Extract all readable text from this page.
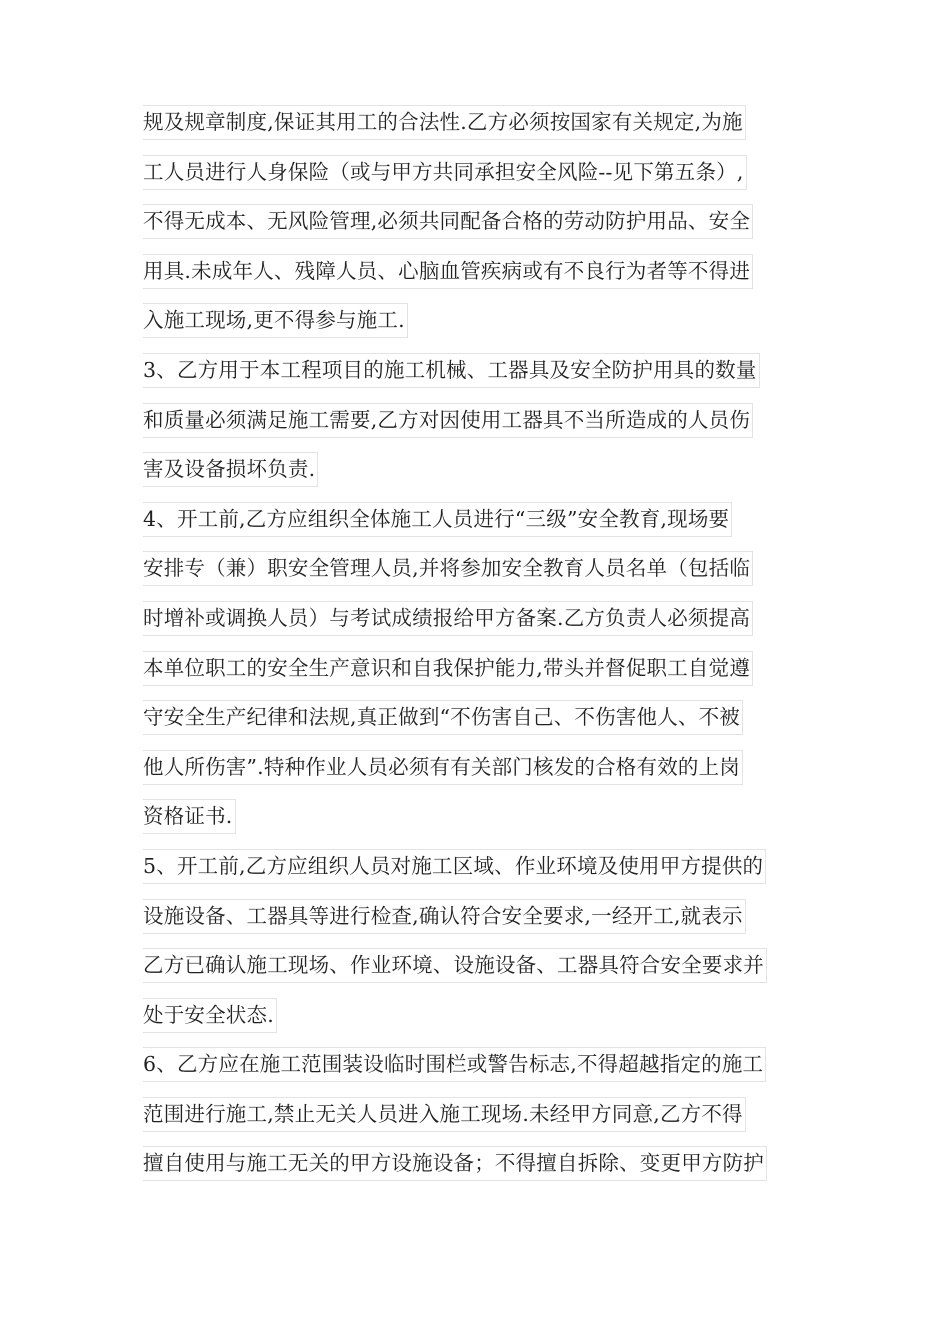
规及规章制度,保证其用工的合法性.乙方必须按国家有关规定,为施
工人员进行人身保险（或与甲方共同承担安全风险--见下第五条）,
不得无成本、无风险管理,必须共同配备合格的劳动防护用品、安全
用具.未成年人、残障人员、心脑血管疾病或有不良行为者等不得进
入施工现场,更不得参与施工.
3、乙方用于本工程项目的施工机械、工器具及安全防护用具的数量
和质量必须满足施工需要,乙方对因使用工器具不当所造成的人员伤
害及设备损坏负责.
4、开工前,乙方应组织全体施工人员进行“三级”安全教育,现场要
安排专（兼）职安全管理人员,并将参加安全教育人员名单（包括临
时增补或调换人员）与考试成绩报给甲方备案.乙方负责人必须提高
本单位职工的安全生产意识和自我保护能力,带头并督促职工自觉遵
守安全生产纪律和法规,真正做到“不伤害自己、不伤害他人、不被
他人所伤害”.特种作业人员必须有有关部门核发的合格有效的上岗
资格证书.
5、开工前,乙方应组织人员对施工区域、作业环境及使用甲方提供的
设施设备、工器具等进行检查,确认符合安全要求,一经开工,就表示
乙方已确认施工现场、作业环境、设施设备、工器具符合安全要求并
处于安全状态.
6、乙方应在施工范围装设临时围栏或警告标志,不得超越指定的施工
范围进行施工,禁止无关人员进入施工现场.未经甲方同意,乙方不得
擅自使用与施工无关的甲方设施设备；不得擅自拆除、变更甲方防护
